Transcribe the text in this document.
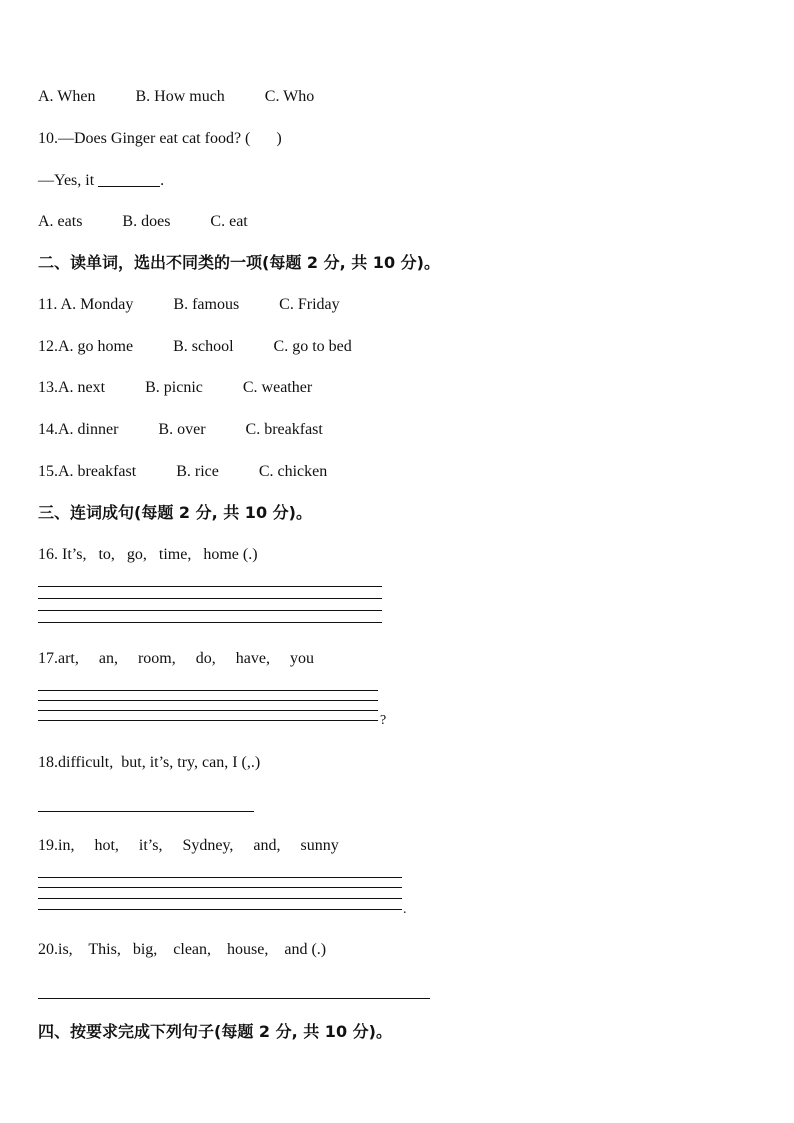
A. When          B. How much          C. Who
10.—Does Ginger eat cat food? ( )
—Yes, it	.
A. eats          B. does          C. eat
二、读单词，选出不同类的一项(每题 2 分, 共 10 分)。
11. A. Monday          B. famous          C. Friday
12.A. go home          B. school          C. go to bed
13.A. next          B. picnic          C. weather
14.A. dinner          B. over          C. breakfast
15.A. breakfast          B. rice          C. chicken
三、连词成句(每题 2 分, 共 10 分)。
16. It’s,   to,   go,   time,   home (.)
17.art,     an,     room,     do,     have,     you
?
18.difficult,  but, it’s, try, can, I (,.)
19.in,     hot,     it’s,     Sydney,     and,     sunny
.
20.is,    This,   big,    clean,    house,    and (.)
四、按要求完成下列句子(每题 2 分, 共 10 分)。
